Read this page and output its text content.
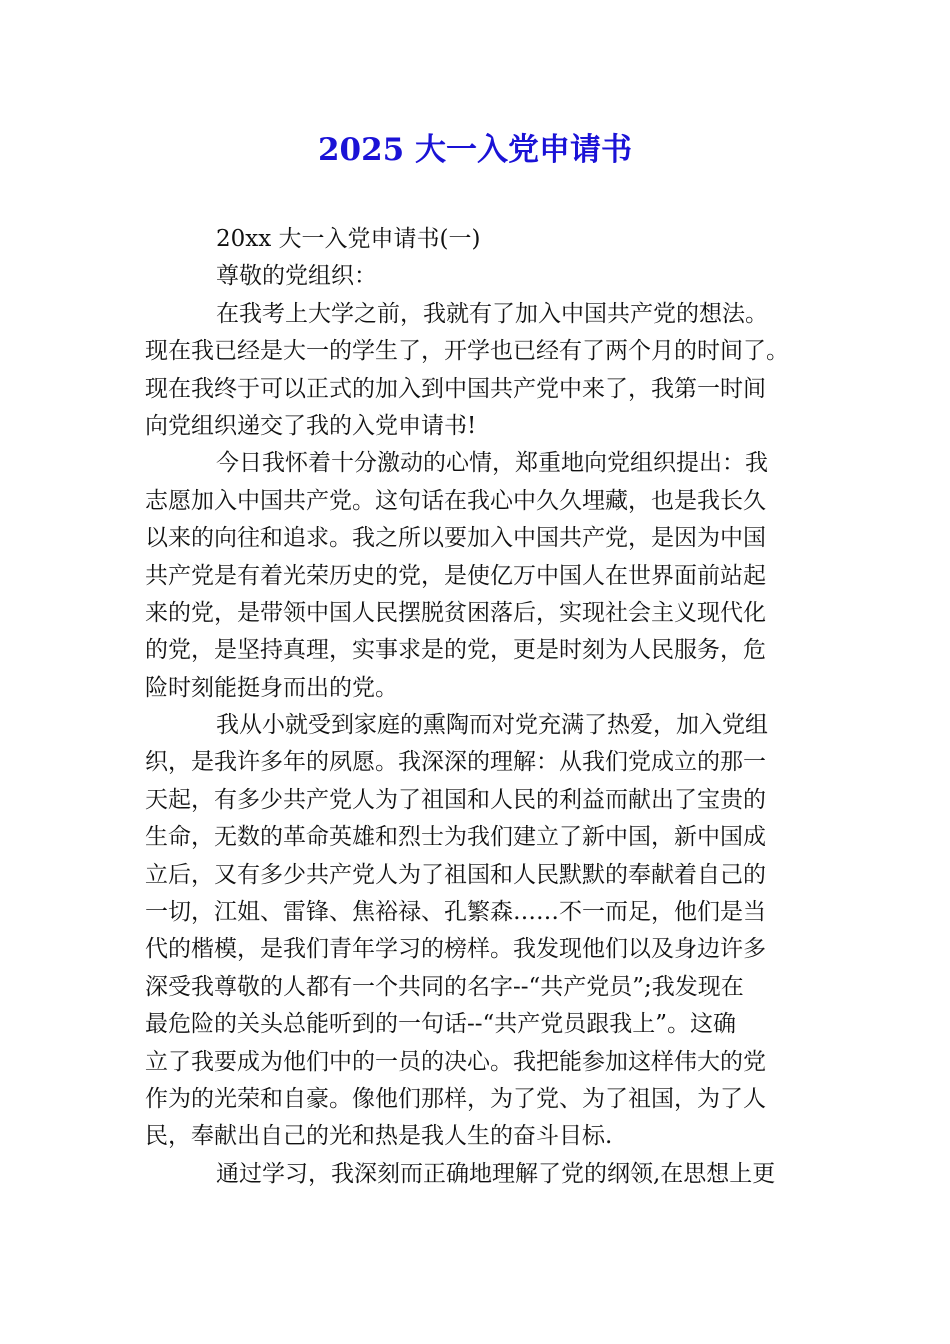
2025 大一入党申请书
20xx 大一入党申请书(一)
尊敬的党组织：
在我考上大学之前，我就有了加入中国共产党的想法。
现在我已经是大一的学生了，开学也已经有了两个月的时间了。
现在我终于可以正式的加入到中国共产党中来了，我第一时间
向党组织递交了我的入党申请书!
今日我怀着十分激动的心情，郑重地向党组织提出：我
志愿加入中国共产党。这句话在我心中久久埋藏，也是我长久
以来的向往和追求。我之所以要加入中国共产党，是因为中国
共产党是有着光荣历史的党，是使亿万中国人在世界面前站起
来的党，是带领中国人民摆脱贫困落后，实现社会主义现代化
的党，是坚持真理，实事求是的党，更是时刻为人民服务，危
险时刻能挺身而出的党。
我从小就受到家庭的熏陶而对党充满了热爱，加入党组
织，是我许多年的夙愿。我深深的理解：从我们党成立的那一
天起，有多少共产党人为了祖国和人民的利益而献出了宝贵的
生命，无数的革命英雄和烈士为我们建立了新中国，新中国成
立后，又有多少共产党人为了祖国和人民默默的奉献着自己的
一切，江姐、雷锋、焦裕禄、孔繁森……不一而足，他们是当
代的楷模，是我们青年学习的榜样。我发现他们以及身边许多
深受我尊敬的人都有一个共同的名字--“共产党员”;我发现在
最危险的关头总能听到的一句话--“共产党员跟我上”。这确
立了我要成为他们中的一员的决心。我把能参加这样伟大的党
作为的光荣和自豪。像他们那样，为了党、为了祖国，为了人
民，奉献出自己的光和热是我人生的奋斗目标.
通过学习，我深刻而正确地理解了党的纲领,在思想上更
